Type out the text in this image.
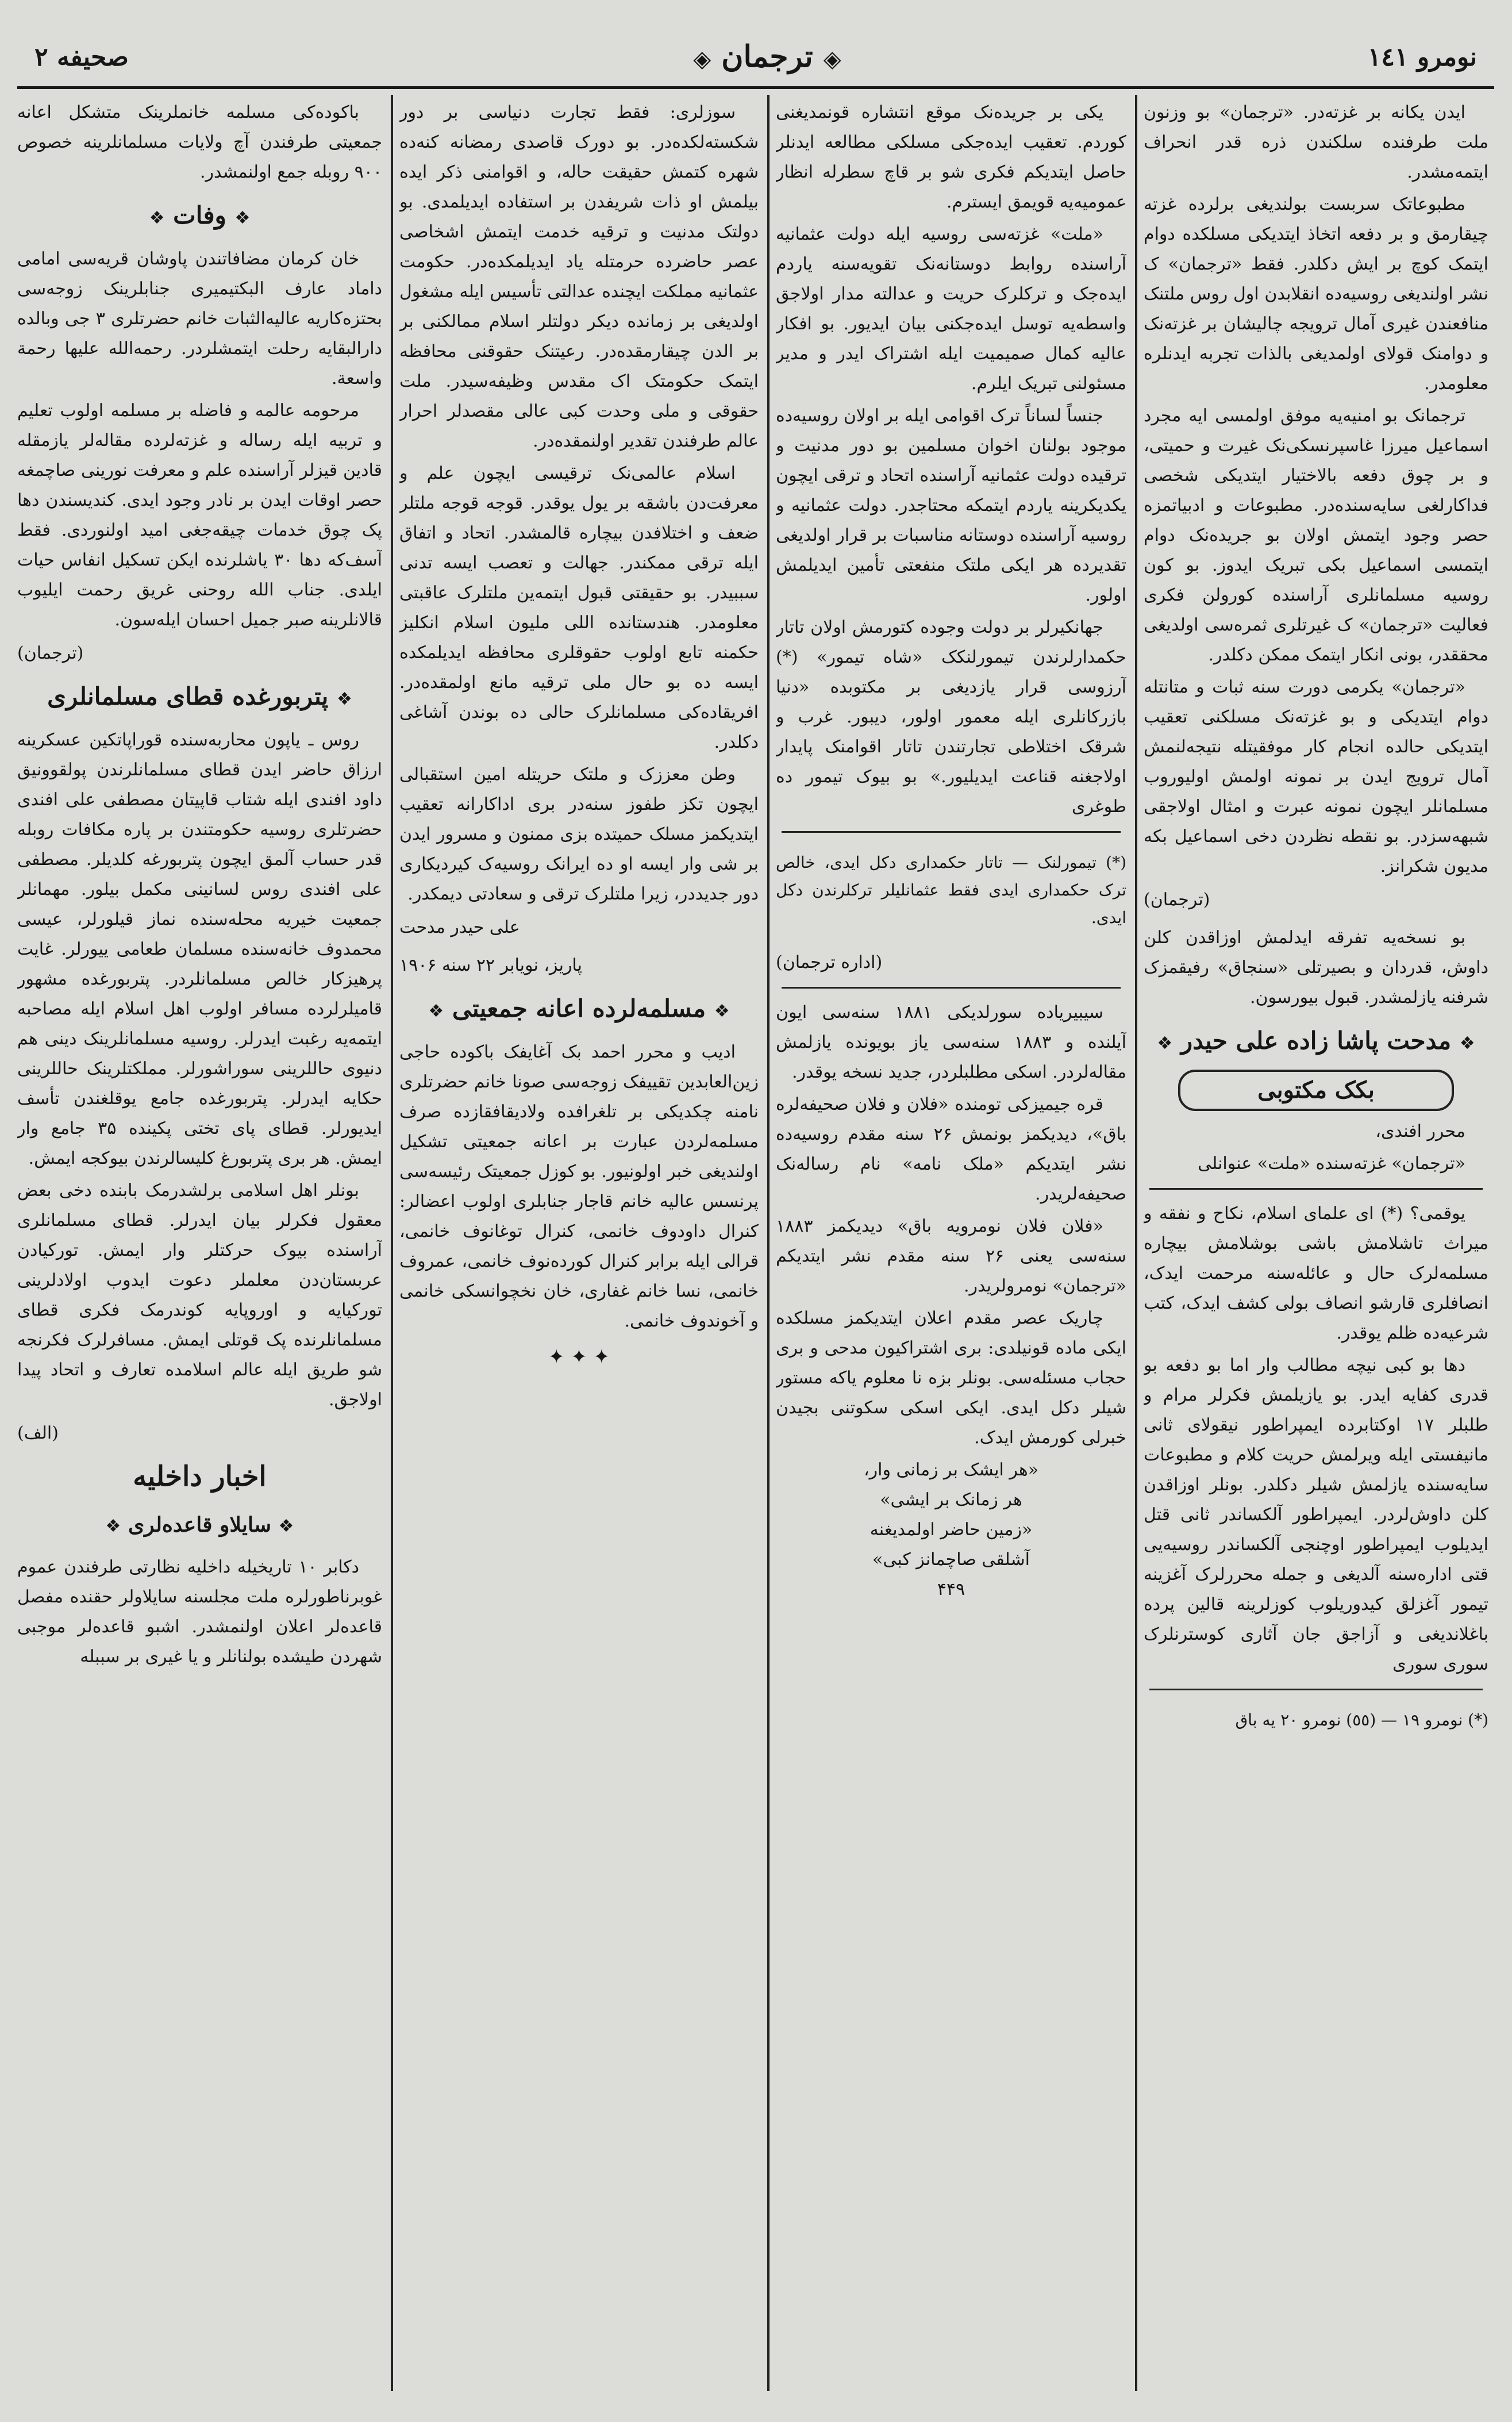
نومرو ۱٤١
◈ ترجمان ◈
صحیفه ۲

ایدن یکانه بر غزته‌در. «ترجمان» بو وزنون ملت طرفنده سلکندن ذره قدر انحراف ایتمه‌مشدر.

مطبوعاتک سربست بولندیغی برلرده غزته چیقارمق و بر دفعه اتخاذ ایتدیکی مسلکده دوام ایتمک کوچ بر ایش دکلدر. فقط «ترجمان» ک نشر اولندیغی روسیه‌ده انقلابدن اول روس ملتنک منافعندن غیری آمال ترویجه چالیشان بر غزته‌نک و دوامنک قولای اولمدیغی بالذات تجربه ایدنلره معلومدر.

ترجمانک بو امنیه‌یه موفق اولمسی ایه مجرد اسماعیل میرزا غاسپرنسکی‌نک غیرت و حمیتی، و بر چوق دفعه بالاختیار ایتدیکی شخصی فداکارلغی سایه‌سنده‌در. مطبوعات و ادبیاتمزه حصر وجود ایتمش اولان بو جریده‌نک دوام ایتمسی اسماعیل بکی تبریک ایدوز. بو کون روسیه مسلمانلری آراسنده کورولن فکری فعالیت «ترجمان» ک غیرتلری ثمره‌سی اولدیغی محققدر، بونی انکار ایتمک ممکن دکلدر.

«ترجمان» یکرمی دورت سنه ثبات و متانتله دوام ایتدیکی و بو غزته‌نک مسلکنی تعقیب ایتدیکی حالده انجام کار موفقیتله نتیجه‌لنمش آمال ترویج ایدن بر نمونه اولمش اولیوروب مسلمانلر ایچون نمونه عبرت و امثال اولاجقی شبهه‌سزدر. بو نقطه نظردن دخی اسماعیل بکه مدیون شکرانز.

(ترجمان)

بو نسخه‌یه تفرقه ایدلمش اوزاقدن کلن داوش، قدردان و بصیرتلی «سنجاق» رفیقمزک شرفنه یازلمشدر. قبول بیورسون.

❖ مدحت پاشا زاده علی حیدر ❖
بکک مکتوبی

محرر افندی،

«ترجمان» غزته‌سنده «ملت» عنوانلی

یوقمی؟ (*) ای علمای اسلام، نکاح و نفقه و میراث تاشلامش باشی بوشلامش بیچاره مسلمه‌لرک حال و عائله‌سنه مرحمت ایدک، انصافلری قارشو انصاف بولی کشف ایدک، کتب شرعیه‌ده ظلم یوقدر.

دها بو کبی نیچه مطالب وار اما بو دفعه بو قدری کفایه ایدر. بو یازیلمش فکرلر مرام و طلبلر ۱۷ اوکتابرده ایمپراطور نیقولای ثانی مانیفستی ایله ویرلمش حریت کلام و مطبوعات سایه‌سنده یازلمش شیلر دکلدر. بونلر اوزاقدن کلن داوش‌لردر. ایمپراطور آلکساندر ثانی قتل ایدیلوب ایمپراطور اوچنجی آلکساندر روسیه‌یی قتی اداره‌سنه آلدیغی و جمله محررلرک آغزینه تیمور آغزلق کیدوریلوب کوزلرینه قالین پرده باغلاندیغی و آزاجق جان آثاری کوسترنلرک سوری سوری

(*) نومرو ۱۹ — (٥٥) نومرو ۲۰ یه باق

یکی بر جریده‌نک موقع انتشاره قونمدیغنی کوردم. تعقیب ایده‌جکی مسلکی مطالعه ایدنلر حاصل ایتدیکم فکری شو بر قاچ سطرله انظار عمومیه‌یه قویمق ایسترم.

«ملت» غزته‌سی روسیه ایله دولت عثمانیه آراسنده روابط دوستانه‌نک تقویه‌سنه یاردم ایده‌جک و ترکلرک حریت و عدالته مدار اولاجق واسطه‌یه توسل ایده‌جکنی بیان ایدیور. بو افکار عالیه کمال صمیمیت ایله اشتراک ایدر و مدیر مسئولنی تبریک ایلرم.

جنساً لساناً ترک اقوامی ایله بر اولان روسیه‌ده موجود بولنان اخوان مسلمین بو دور مدنیت و ترقیده دولت عثمانیه آراسنده اتحاد و ترقی ایچون یکدیکرینه یاردم ایتمکه محتاجدر. دولت عثمانیه و روسیه آراسنده دوستانه مناسبات بر قرار اولدیغی تقدیرده هر ایکی ملتک منفعتی تأمین ایدیلمش اولور.

جهانکیرلر بر دولت وجوده کتورمش اولان تاتار حکمدارلرندن تیمورلنکک «شاه تیمور» (*) آرزوسی قرار یازدیغی بر مکتوبده «دنیا بازرکانلری ایله معمور اولور، دیبور. غرب و شرقک اختلاطی تجارتندن تاتار اقوامنک پایدار اولاجغنه قناعت ایدیلیور.» بو بیوک تیمور ده طوغری

(*) تیمورلنک — تاتار حکمداری دکل ایدی، خالص ترک حکمداری ایدی فقط عثمانلیلر ترکلرندن دکل ایدی.

(اداره ترجمان)

سیبیریاده سورلدیکی ۱۸۸۱ سنه‌سی ایون آیلنده و ۱۸۸۳ سنه‌سی یاز بویونده یازلمش مقاله‌لردر. اسکی مطلبلردر، جدید نسخه یوقدر.

قره جیمیزکی تومنده «فلان و فلان صحیفه‌لره باق»، دیدیکمز بونمش ۲۶ سنه مقدم روسیه‌ده نشر ایتدیکم «ملک نامه» نام رساله‌نک صحیفه‌لریدر.

«فلان فلان نومرویه باق» دیدیکمز ۱۸۸۳ سنه‌سی یعنی ۲۶ سنه مقدم نشر ایتدیکم «ترجمان» نومرولریدر.

چاریک عصر مقدم اعلان ایتدیکمز مسلکده ایکی ماده قونیلدی: بری اشتراکیون مدحی و بری حجاب مسئله‌سی. بونلر بزه نا معلوم یاکه مستور شیلر دکل ایدی. ایکی اسکی سکوتنی بجیدن خبرلی کورمش ایدک.

«هر ایشک بر زمانی وار،
هر زمانک بر ایشی»
«زمین حاضر اولمدیغنه
آشلقی صاچمانز کبی»
۴۴۹

سوزلری: فقط تجارت دنیاسی بر دور شکسته‌لکده‌در. بو دورک قاصدی رمضانه کنه‌ده شهره کتمش حقیقت حاله، و اقوامنی ذکر ایده بیلمش او ذات شریفدن بر استفاده ایدیلمدی. بو دولتک مدنیت و ترقیه خدمت ایتمش اشخاصی عصر حاضرده حرمتله یاد ایدیلمکده‌در. حکومت عثمانیه مملکت ایچنده عدالتی تأسیس ایله مشغول اولدیغی بر زمانده دیکر دولتلر اسلام ممالکنی بر بر الدن چیقارمقده‌در. رعیتنک حقوقنی محافظه ایتمک حکومتک اک مقدس وظیفه‌سیدر. ملت حقوقی و ملی وحدت کبی عالی مقصدلر احرار عالم طرفندن تقدیر اولنمقده‌در.

اسلام عالمی‌نک ترقیسی ایچون علم و معرفت‌دن باشقه بر یول یوقدر. قوجه قوجه ملتلر ضعف و اختلافدن بیچاره قالمشدر. اتحاد و اتفاق ایله ترقی ممکندر. جهالت و تعصب ایسه تدنی سببیدر. بو حقیقتی قبول ایتمه‌ین ملتلرک عاقبتی معلومدر. هندستانده اللی ملیون اسلام انکلیز حکمنه تابع اولوب حقوقلری محافظه ایدیلمکده ایسه ده بو حال ملی ترقیه مانع اولمقده‌در. افریقاده‌کی مسلمانلرک حالی ده بوندن آشاغی دکلدر.

وطن معززک و ملتک حریتله امین استقبالی ایچون تکز طفوز سنه‌در بری اداکارانه تعقیب ایتدیکمز مسلک حمیتده بزی ممنون و مسرور ایدن بر شی وار ایسه او ده ایرانک روسیه‌ک کیردیکاری دور جدیددر، زیرا ملتلرک ترقی و سعادتی دیمکدر.

علی حیدر مدحت
پاریز، نویابر ۲۲ سنه ۱۹۰۶
❖ مسلمه‌لرده اعانه جمعیتی ❖

ادیب و محرر احمد بک آغایفک باکوده حاجی زین‌العابدین تقییفک زوجه‌سی صونا خانم حضرتلری نامنه چکدیکی بر تلغرافده ولادیقافقازده صرف مسلمه‌لردن عبارت بر اعانه جمعیتی تشکیل اولندیغی خبر اولونیور. بو کوزل جمعیتک رئیسه‌سی پرنسس عالیه خانم قاجار جنابلری اولوب اعضالر: کنرال داودوف خانمی، کنرال توغانوف خانمی، قرالی ایله برابر کنرال کورده‌نوف خانمی، عمروف خانمی، نسا خانم غفاری، خان نخچوانسکی خانمی و آخوندوف خانمی.

✦ ✦ ✦

باکوده‌کی مسلمه خانملرینک متشکل اعانه جمعیتی طرفندن آچ ولایات مسلمانلرینه خصوص ۹۰۰ روبله جمع اولنمشدر.

❖ وفات ❖

خان کرمان مضافاتندن پاوشان قریه‌سی امامی داماد عارف البکتیمیری جنابلرینک زوجه‌سی بحتزه‌کاریه عالیه‌الثبات خانم حضرتلری ۳ جی وبالده دارالبقایه رحلت ایتمشلردر. رحمه‌الله علیها رحمة واسعة.

مرحومه عالمه و فاضله بر مسلمه اولوب تعلیم و تربیه ایله رساله و غزته‌لرده مقاله‌لر یازمقله قادین قیزلر آراسنده علم و معرفت نورینی صاچمغه حصر اوقات ایدن بر نادر وجود ایدی. کندیسندن دها پک چوق خدمات چیقه‌جغی امید اولنوردی. فقط آسف‌که دها ۳۰ یاشلرنده ایکن تسکیل انفاس حیات ایلدی. جناب الله روحنی غریق رحمت ایلیوب قالانلرینه صبر جمیل احسان ایله‌سون.

(ترجمان)
❖ پتربورغده قطای مسلمانلری

روس ـ یاپون محاربه‌سنده قوراپاتکین عسکرینه ارزاق حاضر ایدن قطای مسلمانلرندن پولقوونیق داود افندی ایله شتاب قاپیتان مصطفی علی افندی حضرتلری روسیه حکومتندن بر پاره مکافات روبله قدر حساب آلمق ایچون پتربورغه کلدیلر. مصطفی علی افندی روس لسانینی مکمل بیلور. مهمانلر جمعیت خیریه محله‌سنده نماز قیلورلر، عیسی محمدوف خانه‌سنده مسلمان طعامی ییورلر. غایت پرهیزکار خالص مسلمانلردر. پتربورغده مشهور قامیلرلرده مسافر اولوب اهل اسلام ایله مصاحبه ایتمه‌یه رغبت ایدرلر. روسیه مسلمانلرینک دینی هم دنیوی حاللرینی سوراشورلر. مملکتلرینک حاللرینی حکایه ایدرلر. پتربورغده جامع یوقلغندن تأسف ایدیورلر. قطای پای تختی پکینده ۳۵ جامع وار ایمش. هر بری پتربورغ کلیسالرندن بیوکجه ایمش.

بونلر اهل اسلامی برلشدرمک بابنده دخی بعض معقول فکرلر بیان ایدرلر. قطای مسلمانلری آراسنده بیوک حرکتلر وار ایمش. تورکیادن عربستان‌دن معلملر دعوت ایدوب اولادلرینی تورکیایه و اوروپایه کوندرمک فکری قطای مسلمانلرنده پک قوتلی ایمش. مسافرلرک فکرنجه شو طریق ایله عالم اسلامده تعارف و اتحاد پیدا اولاجق.

(الف)
اخبار داخلیه
❖ سایلاو قاعده‌لری ❖

دکابر ۱۰ تاریخیله داخلیه نظارتی طرفندن عموم غوبرناطورلره ملت مجلسنه سایلاولر حقنده مفصل قاعده‌لر اعلان اولنمشدر. اشبو قاعده‌لر موجبی شهردن طیشده بولنانلر و یا غیری بر سببله
